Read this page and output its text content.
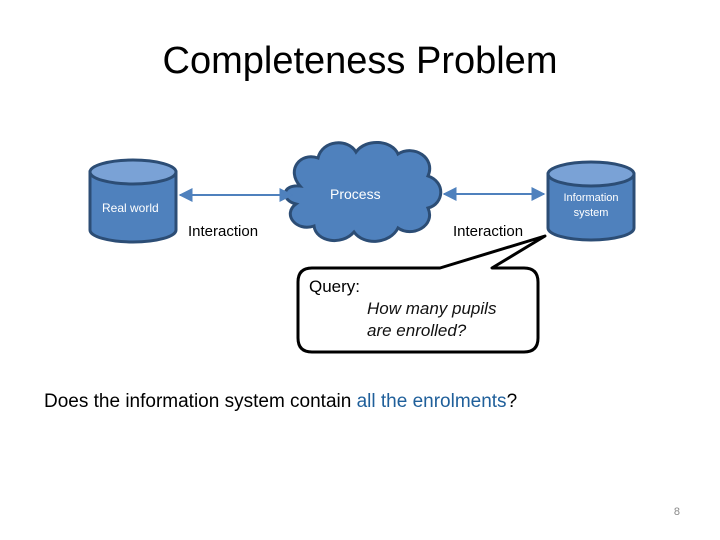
Completeness Problem
Real world
Process	Information
system
Interaction	Interaction
Query:
How many pupils
are enrolled?
Does the information system contain all the enrolments?
8
